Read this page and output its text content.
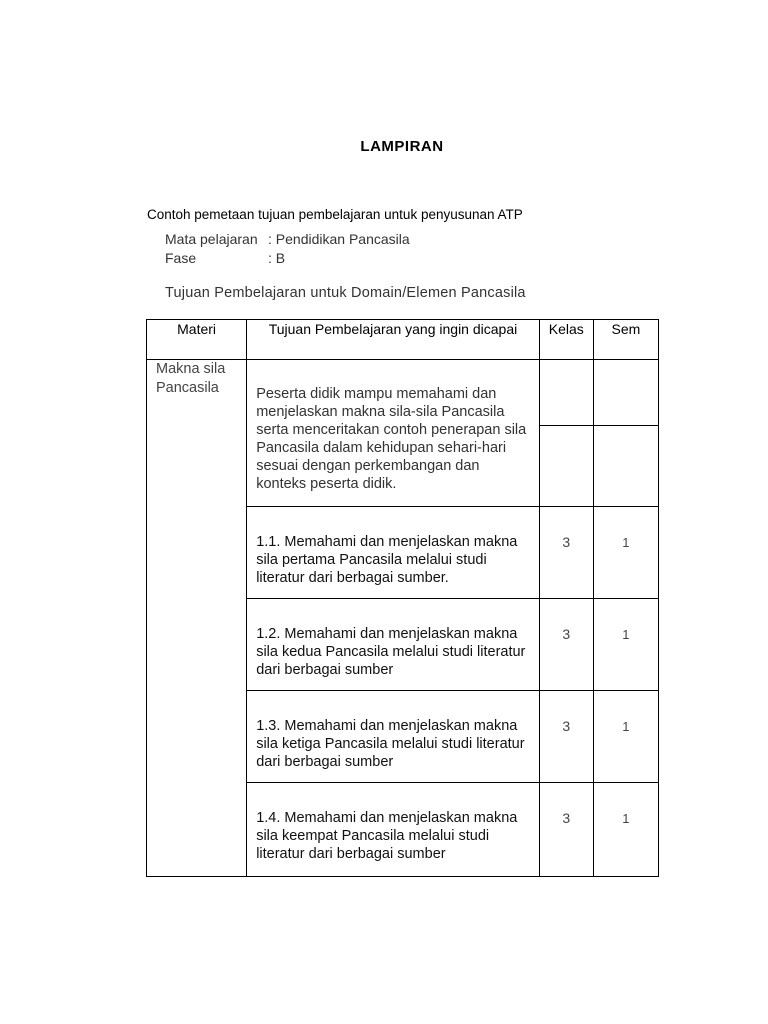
LAMPIRAN
Contoh pemetaan tujuan pembelajaran untuk penyusunan ATP
Mata pelajaran : Pendidikan Pancasila
Fase	: B
Tujuan Pembelajaran untuk Domain/Elemen Pancasila
Materi	Tujuan Pembelajaran yang ingin dicapai	Kelas	Sem
Makna sila Pancasila	Peserta didik mampu memahami dan menjelaskan makna sila-sila Pancasila serta menceritakan contoh penerapan sila Pancasila dalam kehidupan sehari-hari sesuai dengan perkembangan dan konteks peserta didik.		

	1.1. Memahami dan menjelaskan makna sila pertama Pancasila melalui studi literatur dari berbagai sumber.	3	1
	1.2. Memahami dan menjelaskan makna sila kedua Pancasila melalui studi literatur dari berbagai sumber	3	1
	1.3. Memahami dan menjelaskan makna sila ketiga Pancasila melalui studi literatur dari berbagai sumber	3	1
	1.4. Memahami dan menjelaskan makna sila keempat Pancasila melalui studi literatur dari berbagai sumber	3	1
